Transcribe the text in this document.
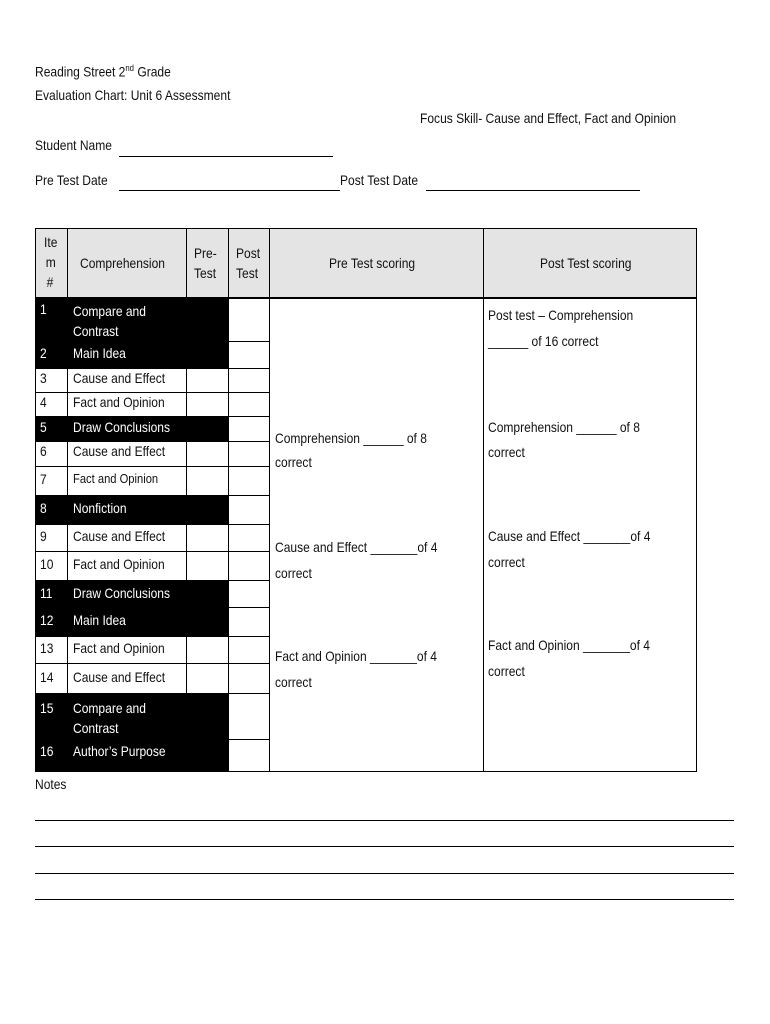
Reading Street 2nd Grade
Evaluation Chart: Unit 6 Assessment
Focus Skill- Cause and Effect, Fact and Opinion
Student Name
Pre Test Date	Post Test Date
Ite
m
#
Comprehension
Pre-
Test
Post
Test
Pre Test scoring	Post Test scoring
1 Compare and
Contrast
2 Main Idea
3 Cause and Effect
4 Fact and Opinion
5 Draw Conclusions
6 Cause and Effect
7 Fact and Opinion
8 Nonfiction
9 Cause and Effect
10 Fact and Opinion
11 Draw Conclusions
12 Main Idea
13 Fact and Opinion
14 Cause and Effect
15 Compare and
Contrast
16 Author’s Purpose
Comprehension ______ of 8
correct
Cause and Effect _______of 4
correct
Fact and Opinion _______of 4
correct
Post test – Comprehension
______ of 16 correct
Comprehension ______ of 8
correct
Cause and Effect _______of 4
correct
Fact and Opinion _______of 4
correct
Notes
